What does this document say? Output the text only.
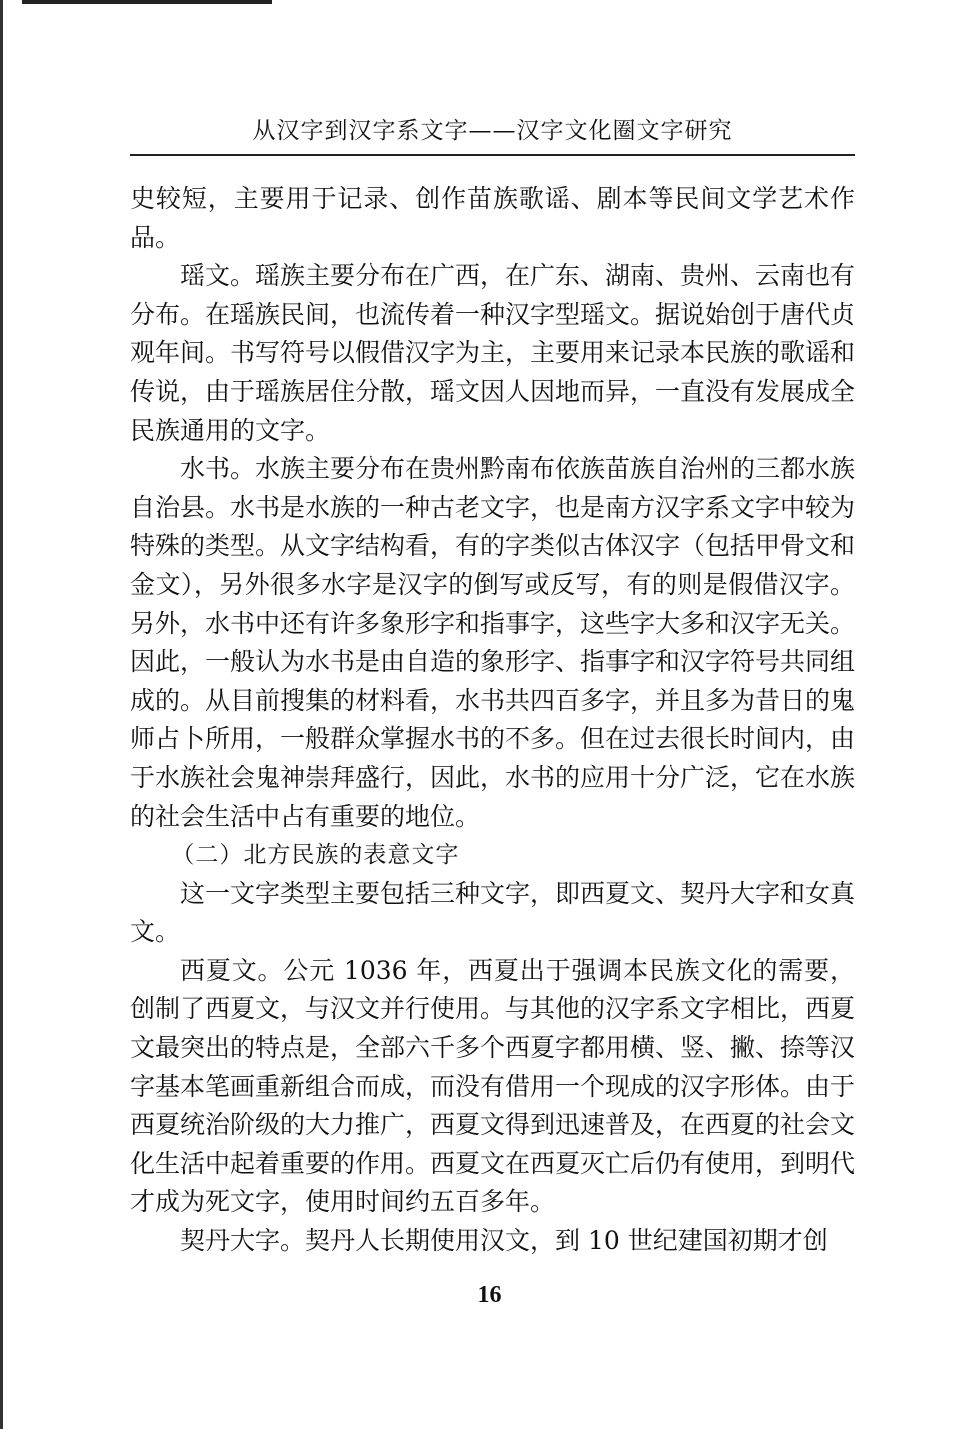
从汉字到汉字系文字——汉字文化圈文字研究

史较短，主要用于记录、创作苗族歌谣、剧本等民间文学艺术作品。

瑶文。瑶族主要分布在广西，在广东、湖南、贵州、云南也有分布。在瑶族民间，也流传着一种汉字型瑶文。据说始创于唐代贞观年间。书写符号以假借汉字为主，主要用来记录本民族的歌谣和传说，由于瑶族居住分散，瑶文因人因地而异，一直没有发展成全民族通用的文字。

水书。水族主要分布在贵州黔南布依族苗族自治州的三都水族自治县。水书是水族的一种古老文字，也是南方汉字系文字中较为特殊的类型。从文字结构看，有的字类似古体汉字（包括甲骨文和金文），另外很多水字是汉字的倒写或反写，有的则是假借汉字。另外，水书中还有许多象形字和指事字，这些字大多和汉字无关。因此，一般认为水书是由自造的象形字、指事字和汉字符号共同组成的。从目前搜集的材料看，水书共四百多字，并且多为昔日的鬼师占卜所用，一般群众掌握水书的不多。但在过去很长时间内，由于水族社会鬼神崇拜盛行，因此，水书的应用十分广泛，它在水族的社会生活中占有重要的地位。

（二）北方民族的表意文字

这一文字类型主要包括三种文字，即西夏文、契丹大字和女真文。

西夏文。公元 1036 年，西夏出于强调本民族文化的需要，创制了西夏文，与汉文并行使用。与其他的汉字系文字相比，西夏文最突出的特点是，全部六千多个西夏字都用横、竖、撇、捺等汉字基本笔画重新组合而成，而没有借用一个现成的汉字形体。由于西夏统治阶级的大力推广，西夏文得到迅速普及，在西夏的社会文化生活中起着重要的作用。西夏文在西夏灭亡后仍有使用，到明代才成为死文字，使用时间约五百多年。

契丹大字。契丹人长期使用汉文，到 10 世纪建国初期才创

16
